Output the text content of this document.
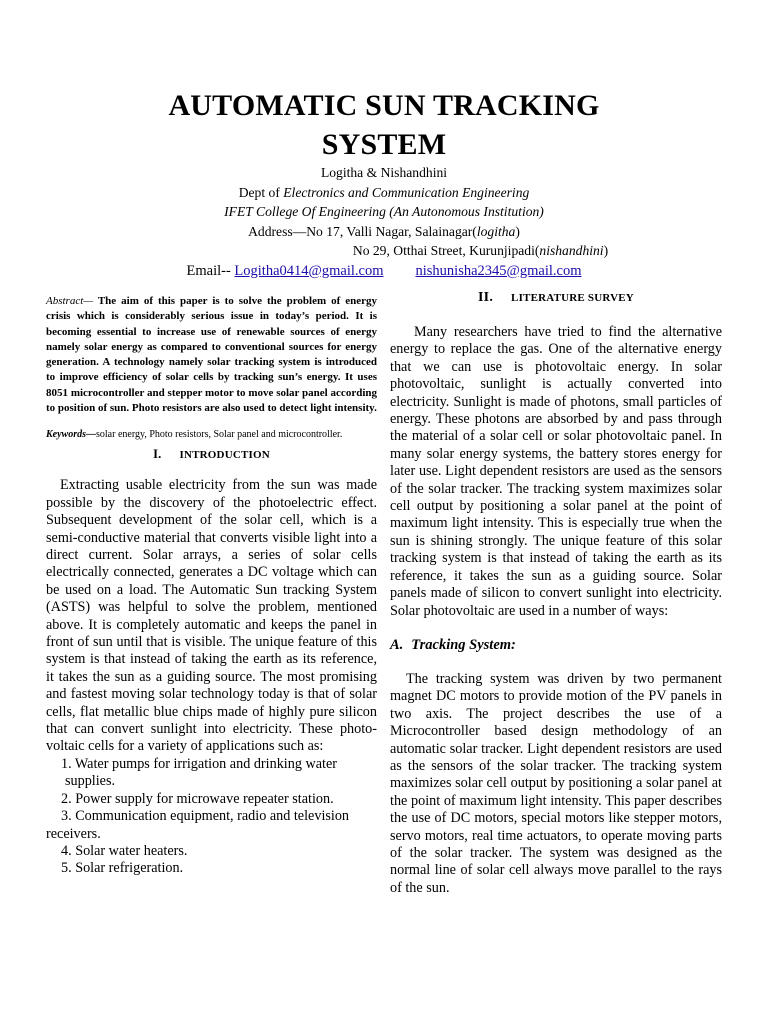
AUTOMATIC SUN TRACKING
SYSTEM
Logitha & Nishandhini
Dept of Electronics and Communication Engineering
IFET College Of Engineering (An Autonomous Institution)
Address—No 17, Valli Nagar, Salainagar(logitha)
No 29, Otthai Street, Kurunjipadi(nishandhini)
Email-- Logitha0414@gmail.com nishunisha2345@gmail.com

Abstract— The aim of this paper is to solve the problem of energy crisis which is considerably serious issue in today’s period. It is becoming essential to increase use of renewable sources of energy namely solar energy as compared to conventional sources for energy generation. A technology namely solar tracking system is introduced to improve efficiency of solar cells by tracking sun’s energy. It uses 8051 microcontroller and stepper motor to move solar panel according to position of sun. Photo resistors are also used to detect light intensity.

Keywords—solar energy, Photo resistors, Solar panel and microcontroller.

I. INTRODUCTION

Extracting usable electricity from the sun was made possible by the discovery of the photoelectric effect. Subsequent development of the solar cell, which is a semi-conductive material that converts visible light into a direct current. Solar arrays, a series of solar cells electrically connected, generates a DC voltage which can be used on a load. The Automatic Sun tracking System (ASTS) was helpful to solve the problem, mentioned above. It is completely automatic and keeps the panel in front of sun until that is visible. The unique feature of this system is that instead of taking the earth as its reference, it takes the sun as a guiding source. The most promising and fastest moving solar technology today is that of solar cells, flat metallic blue chips made of highly pure silicon that can convert sunlight into electricity. These photo-voltaic cells for a variety of applications such as:

1. Water pumps for irrigation and drinking water
supplies.
2. Power supply for microwave repeater station.
3. Communication equipment, radio and television
receivers.
4. Solar water heaters.
5. Solar refrigeration.

II. LITERATURE SURVEY

Many researchers have tried to find the alternative energy to replace the gas. One of the alternative energy that we can use is photovoltaic energy. In solar photovoltaic, sunlight is actually converted into electricity. Sunlight is made of photons, small particles of energy. These photons are absorbed by and pass through the material of a solar cell or solar photovoltaic panel. In many solar energy systems, the battery stores energy for later use. Light dependent resistors are used as the sensors of the solar tracker. The tracking system maximizes solar cell output by positioning a solar panel at the point of maximum light intensity. This is especially true when the sun is shining strongly. The unique feature of this solar tracking system is that instead of taking the earth as its reference, it takes the sun as a guiding source. Solar panels made of silicon to convert sunlight into electricity. Solar photovoltaic are used in a number of ways:

A. Tracking System:

The tracking system was driven by two permanent magnet DC motors to provide motion of the PV panels in two axis. The project describes the use of a Microcontroller based design methodology of an automatic solar tracker. Light dependent resistors are used as the sensors of the solar tracker. The tracking system maximizes solar cell output by positioning a solar panel at the point of maximum light intensity. This paper describes the use of DC motors, special motors like stepper motors, servo motors, real time actuators, to operate moving parts of the solar tracker. The system was designed as the normal line of solar cell always move parallel to the rays of the sun.
